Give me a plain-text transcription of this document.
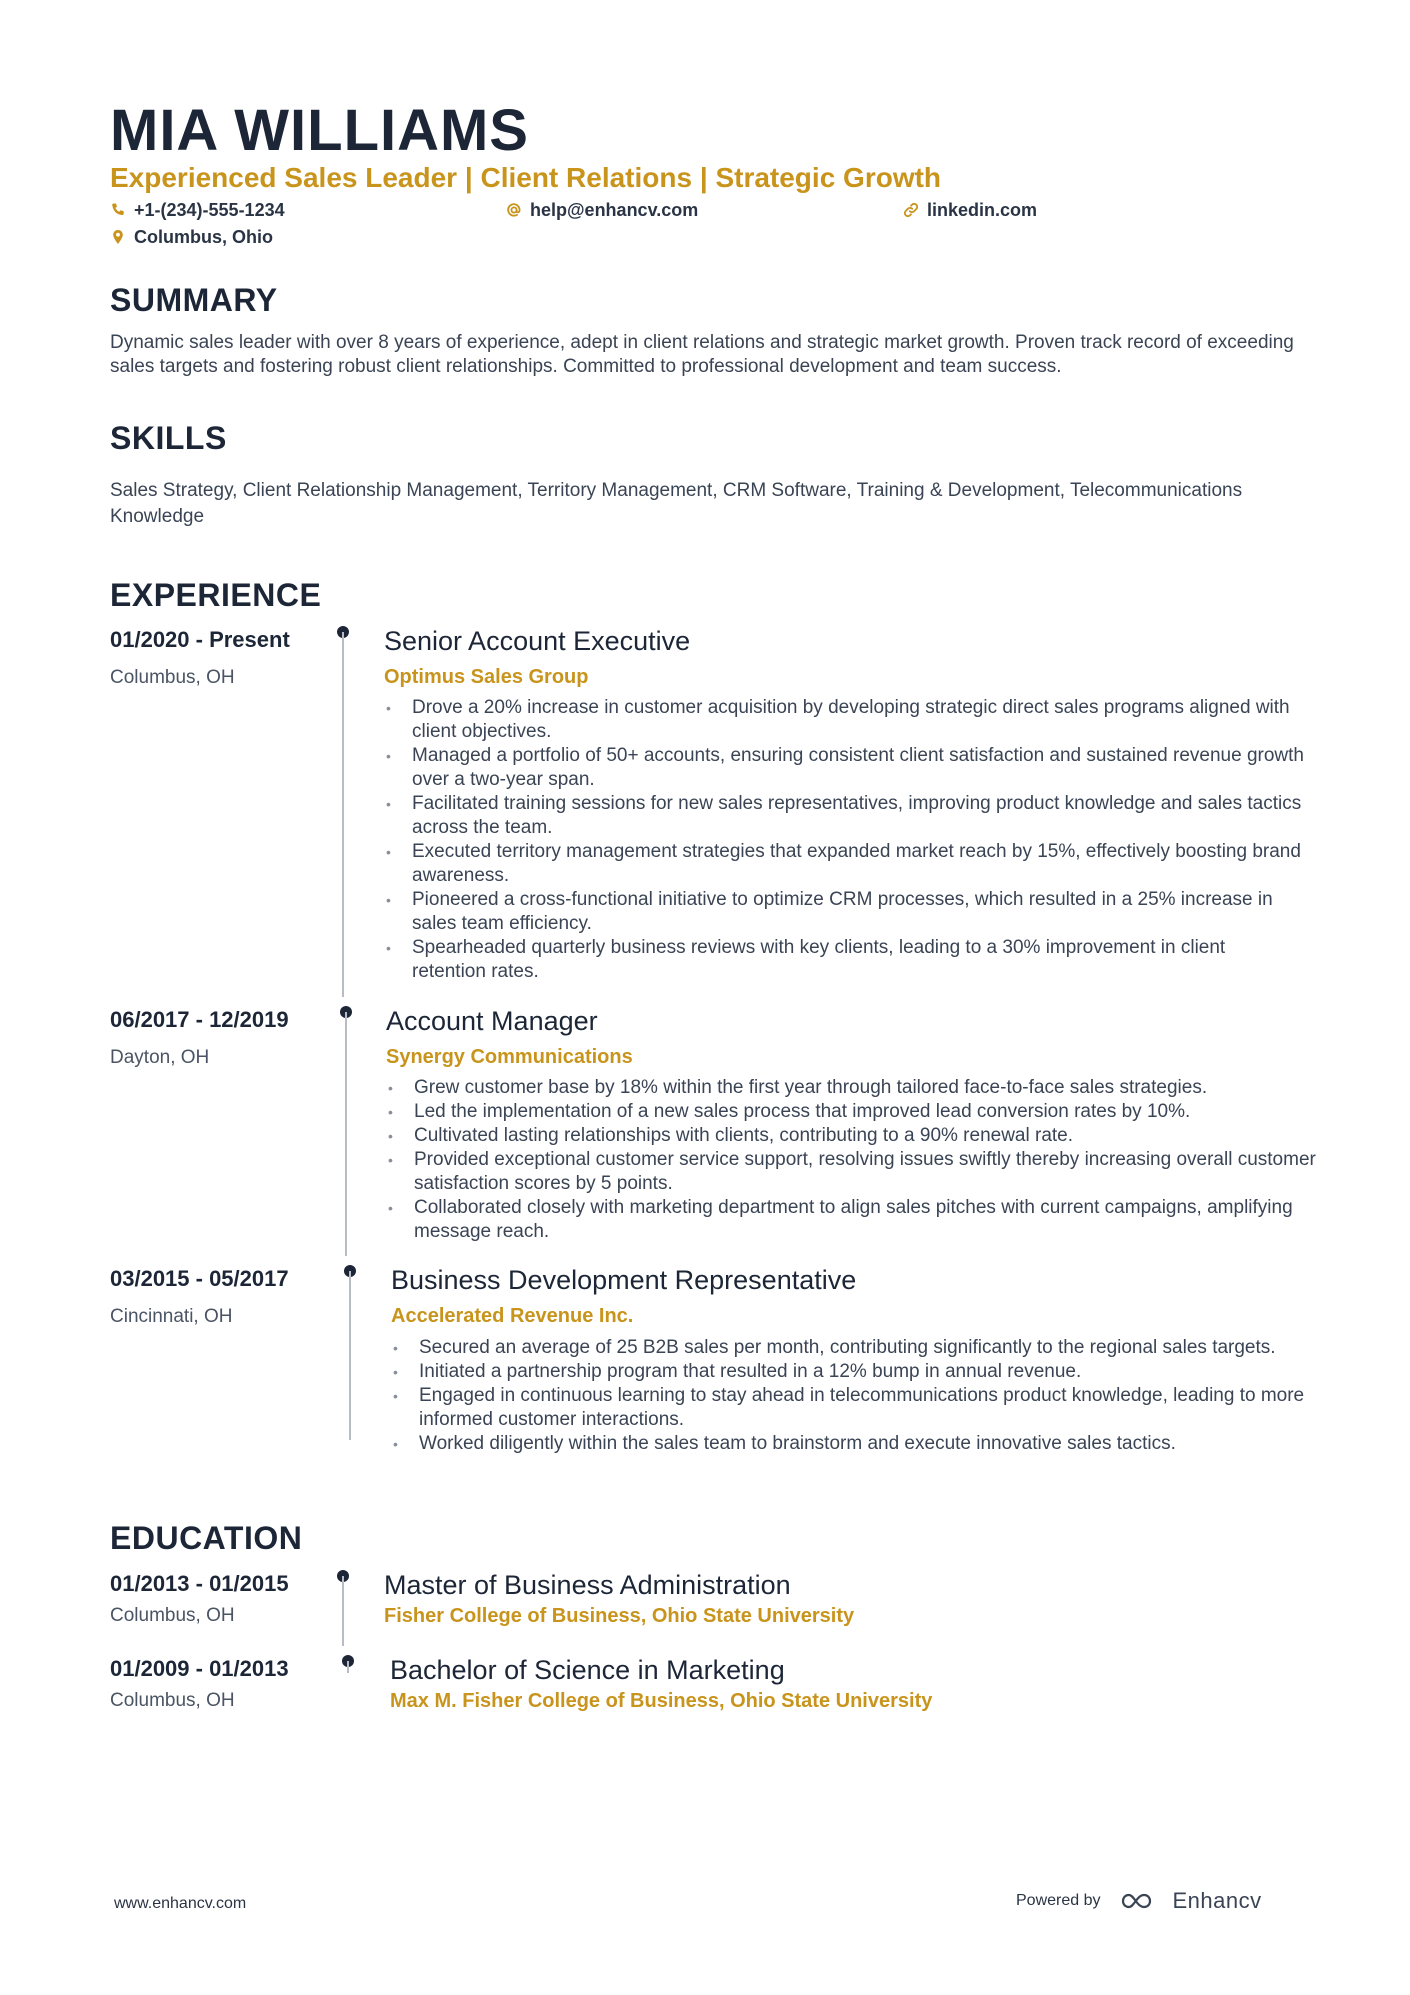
MIA WILLIAMS
Experienced Sales Leader | Client Relations | Strategic Growth
+1-(234)-555-1234	help@enhancv.com	linkedin.com
Columbus, Ohio
SUMMARY
Dynamic sales leader with over 8 years of experience, adept in client relations and strategic market growth. Proven track record of exceeding sales targets and fostering robust client relationships. Committed to professional development and team success.
SKILLS
Sales Strategy, Client Relationship Management, Territory Management, CRM Software, Training & Development, Telecommunications Knowledge
EXPERIENCE
01/2020 - Present
Columbus, OH
Senior Account Executive
Optimus Sales Group
• Drove a 20% increase in customer acquisition by developing strategic direct sales programs aligned with client objectives.
• Managed a portfolio of 50+ accounts, ensuring consistent client satisfaction and sustained revenue growth over a two-year span.
• Facilitated training sessions for new sales representatives, improving product knowledge and sales tactics across the team.
• Executed territory management strategies that expanded market reach by 15%, effectively boosting brand awareness.
• Pioneered a cross-functional initiative to optimize CRM processes, which resulted in a 25% increase in sales team efficiency.
• Spearheaded quarterly business reviews with key clients, leading to a 30% improvement in client retention rates.
06/2017 - 12/2019
Dayton, OH
Account Manager
Synergy Communications
• Grew customer base by 18% within the first year through tailored face-to-face sales strategies.
• Led the implementation of a new sales process that improved lead conversion rates by 10%.
• Cultivated lasting relationships with clients, contributing to a 90% renewal rate.
• Provided exceptional customer service support, resolving issues swiftly thereby increasing overall customer satisfaction scores by 5 points.
• Collaborated closely with marketing department to align sales pitches with current campaigns, amplifying message reach.
03/2015 - 05/2017
Cincinnati, OH
Business Development Representative
Accelerated Revenue Inc.
• Secured an average of 25 B2B sales per month, contributing significantly to the regional sales targets.
• Initiated a partnership program that resulted in a 12% bump in annual revenue.
• Engaged in continuous learning to stay ahead in telecommunications product knowledge, leading to more informed customer interactions.
• Worked diligently within the sales team to brainstorm and execute innovative sales tactics.
EDUCATION
01/2013 - 01/2015
Columbus, OH
Master of Business Administration
Fisher College of Business, Ohio State University
01/2009 - 01/2013
Columbus, OH
Bachelor of Science in Marketing
Max M. Fisher College of Business, Ohio State University
www.enhancv.com	Powered by	Enhancv
